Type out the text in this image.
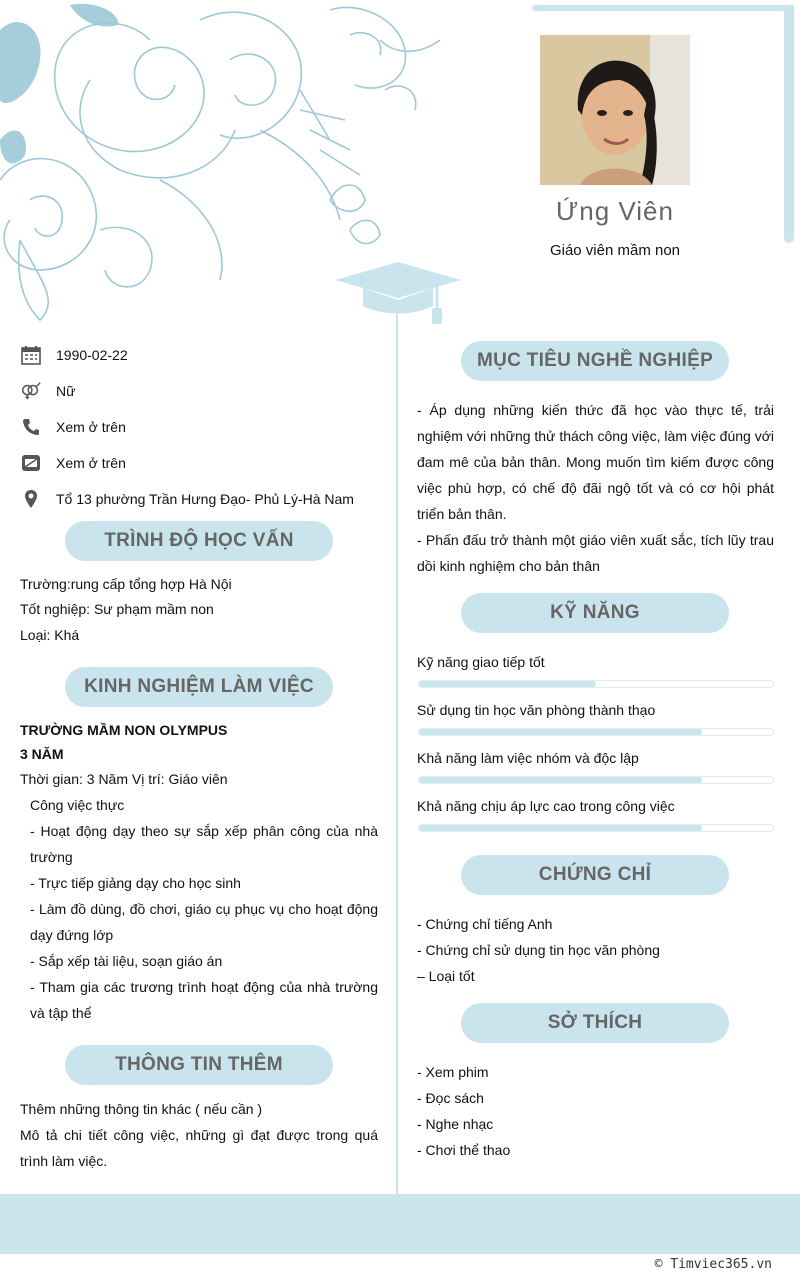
Ứng Viên
Giáo viên mầm non
1990-02-22
Nữ
Xem ở trên
Xem ở trên
Tổ 13 phường Trần Hưng Đạo- Phủ Lý-Hà Nam
TRÌNH ĐỘ HỌC VẤN
Trường:rung cấp tổng hợp Hà Nội
Tốt nghiệp: Sư phạm mầm non
Loại: Khá
KINH NGHIỆM LÀM VIỆC
TRƯỜNG MẦM NON OLYMPUS
3 NĂM
Thời gian: 3 Năm Vị trí: Giáo viên
Công việc thực
- Hoạt động dạy theo sự sắp xếp phân công của nhà trường
- Trực tiếp giảng dạy cho học sinh
- Làm đồ dùng, đồ chơi, giáo cụ phục vụ cho hoạt động dạy đứng lớp
- Sắp xếp tài liệu, soạn giáo án
- Tham gia các trương trình hoạt động của nhà trường và tập thể
THÔNG TIN THÊM
Thêm những thông tin khác ( nếu cần )
Mô tả chi tiết công việc, những gì đạt được trong quá trình làm việc.
MỤC TIÊU NGHỀ NGHIỆP
- Áp dụng những kiến thức đã học vào thực tế, trải nghiệm với những thử thách công việc, làm việc đúng với đam mê của bản thân. Mong muốn tìm kiếm được công việc phù hợp, có chế độ đãi ngộ tốt và có cơ hội phát triển bản thân.
- Phấn đấu trở thành một giáo viên xuất sắc, tích lũy trau dồi kinh nghiệm cho bản thân
KỸ NĂNG
Kỹ năng giao tiếp tốt
Sử dụng tin học văn phòng thành thạo
Khả năng làm việc nhóm và độc lập
Khả năng chịu áp lực cao trong công việc
CHỨNG CHỈ
- Chứng chỉ tiếng Anh
- Chứng chỉ sử dụng tin học văn phòng
– Loại tốt
SỞ THÍCH
- Xem phim
- Đọc sách
- Nghe nhạc
- Chơi thể thao
© Timviec365.vn
